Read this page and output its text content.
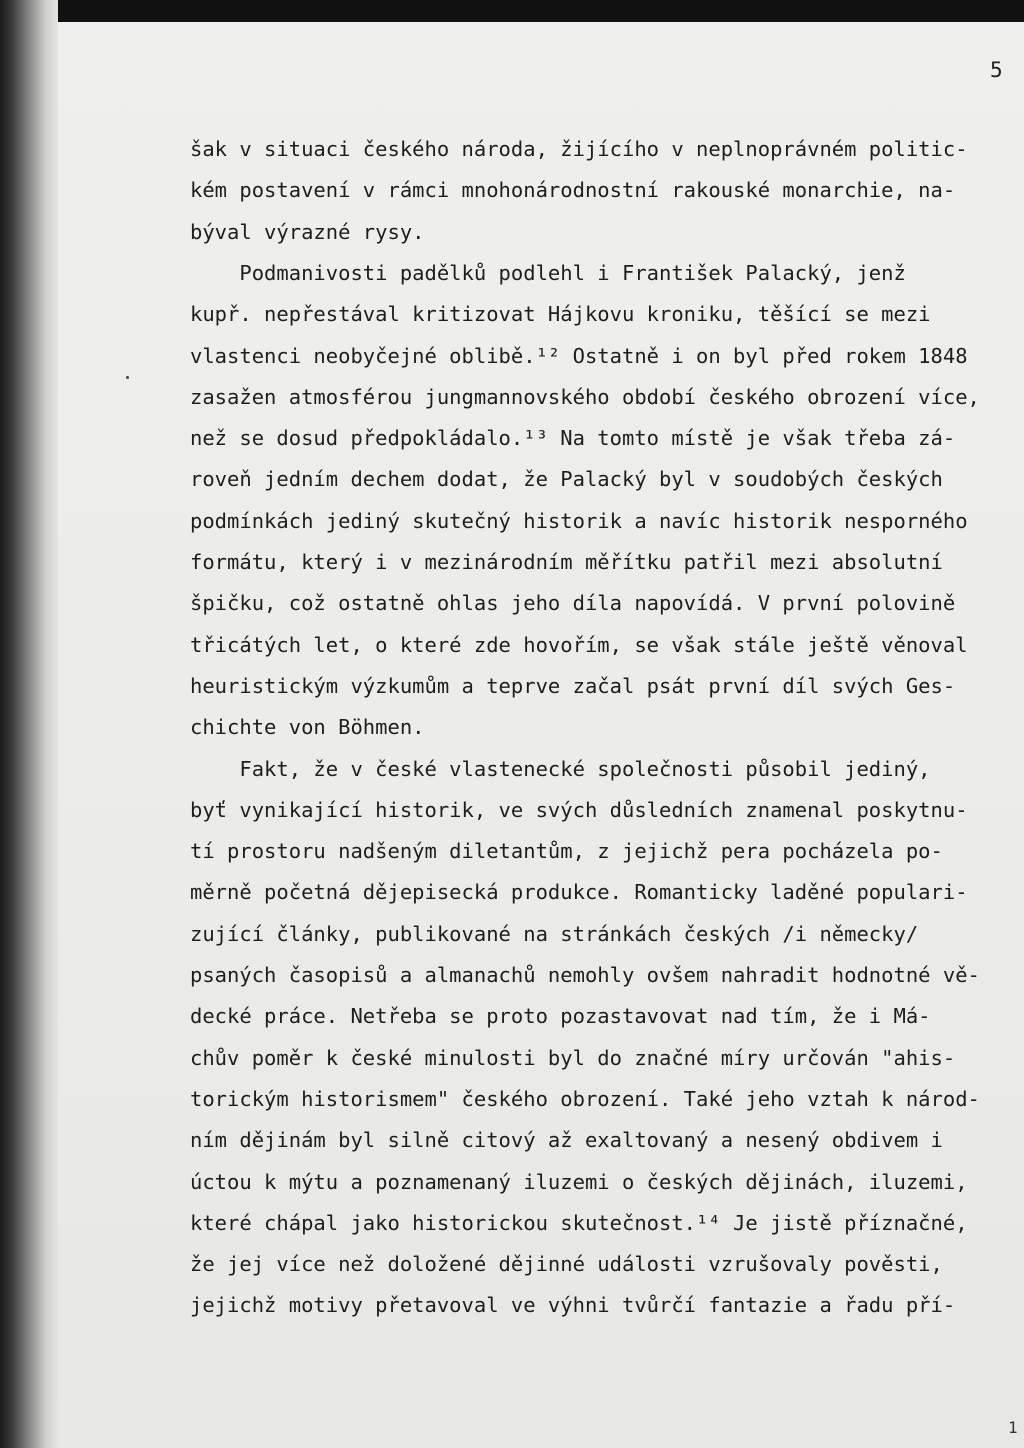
5
šak v situaci českého národa, žijícího v neplnoprávném politic-
kém postavení v rámci mnohonárodnostní rakouské monarchie, na-
býval výrazné rysy.
Podmanivosti padělků podlehl i František Palacký, jenž
kupř. nepřestával kritizovat Hájkovu kroniku, těšící se mezi
vlastenci neobyčejné oblibě.¹² Ostatně i on byl před rokem 1848
zasažen atmosférou jungmannovského období českého obrození více,
než se dosud předpokládalo.¹³ Na tomto místě je však třeba zá-
roveň jedním dechem dodat, že Palacký byl v soudobých českých
podmínkách jediný skutečný historik a navíc historik nesporného
formátu, který i v mezinárodním měřítku patřil mezi absolutní
špičku, což ostatně ohlas jeho díla napovídá. V první polovině
třicátých let, o které zde hovořím, se však stále ještě věnoval
heuristickým výzkumům a teprve začal psát první díl svých Ges-
chichte von Böhmen.
Fakt, že v české vlastenecké společnosti působil jediný,
byť vynikající historik, ve svých důsledních znamenal poskytnu-
tí prostoru nadšeným diletantům, z jejichž pera pocházela po-
měrně početná dějepisecká produkce. Romanticky laděné populari-
zující články, publikované na stránkách českých /i německy/
psaných časopisů a almanachů nemohly ovšem nahradit hodnotné vě-
decké práce. Netřeba se proto pozastavovat nad tím, že i Má-
chův poměr k české minulosti byl do značné míry určován "ahis-
torickým historismem" českého obrození. Také jeho vztah k národ-
ním dějinám byl silně citový až exaltovaný a nesený obdivem i
úctou k mýtu a poznamenaný iluzemi o českých dějinách, iluzemi,
které chápal jako historickou skutečnost.¹⁴ Je jistě příznačné,
že jej více než doložené dějinné události vzrušovaly pověsti,
jejichž motivy přetavoval ve výhni tvůrčí fantazie a řadu pří-
1
